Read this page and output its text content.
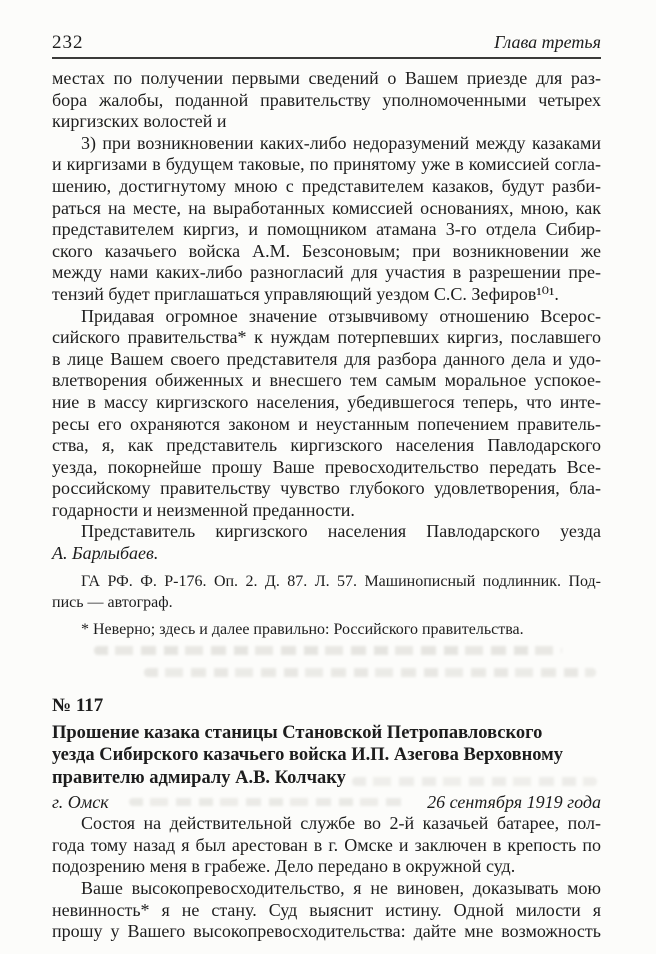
232	Глава третья
местах по получении первыми сведений о Вашем приезде для раз-
бора жалобы, поданной правительству уполномоченными четырех
киргизских волостей и
3) при возникновении каких-либо недоразумений между казаками
и киргизами в будущем таковые, по принятому уже в комиссией согла-
шению, достигнутому мною с представителем казаков, будут разби-
раться на месте, на выработанных комиссией основаниях, мною, как
представителем киргиз, и помощником атамана 3-го отдела Сибир-
ского казачьего войска А.М. Безсоновым; при возникновении же
между нами каких-либо разногласий для участия в разрешении пре-
тензий будет приглашаться управляющий уездом С.С. Зефиров¹⁰¹.
Придавая огромное значение отзывчивому отношению Всерос-
сийского правительства* к нуждам потерпевших киргиз, пославшего
в лице Вашем своего представителя для разбора данного дела и удо-
влетворения обиженных и внесшего тем самым моральное успокое-
ние в массу киргизского населения, убедившегося теперь, что инте-
ресы его охраняются законом и неустанным попечением правитель-
ства, я, как представитель киргизского населения Павлодарского
уезда, покорнейше прошу Ваше превосходительство передать Все-
российскому правительству чувство глубокого удовлетворения, бла-
годарности и неизменной преданности.
Представитель киргизского населения Павлодарского уезда
А. Барлыбаев.
ГА РФ. Ф. Р-176. Оп. 2. Д. 87. Л. 57. Машинописный подлинник. Под-
пись — автограф.
* Неверно; здесь и далее правильно: Российского правительства.
№ 117
Прошение казака станицы Становской Петропавловского
уезда Сибирского казачьего войска И.П. Азегова Верховному
правителю адмиралу А.В. Колчаку
г. Омск	26 сентября 1919 года
Состоя на действительной службе во 2-й казачьей батарее, пол-
года тому назад я был арестован в г. Омске и заключен в крепость по
подозрению меня в грабеже. Дело передано в окружной суд.
Ваше высокопревосходительство, я не виновен, доказывать мою
невинность* я не стану. Суд выяснит истину. Одной милости я
прошу у Вашего высокопревосходительства: дайте мне возможность
